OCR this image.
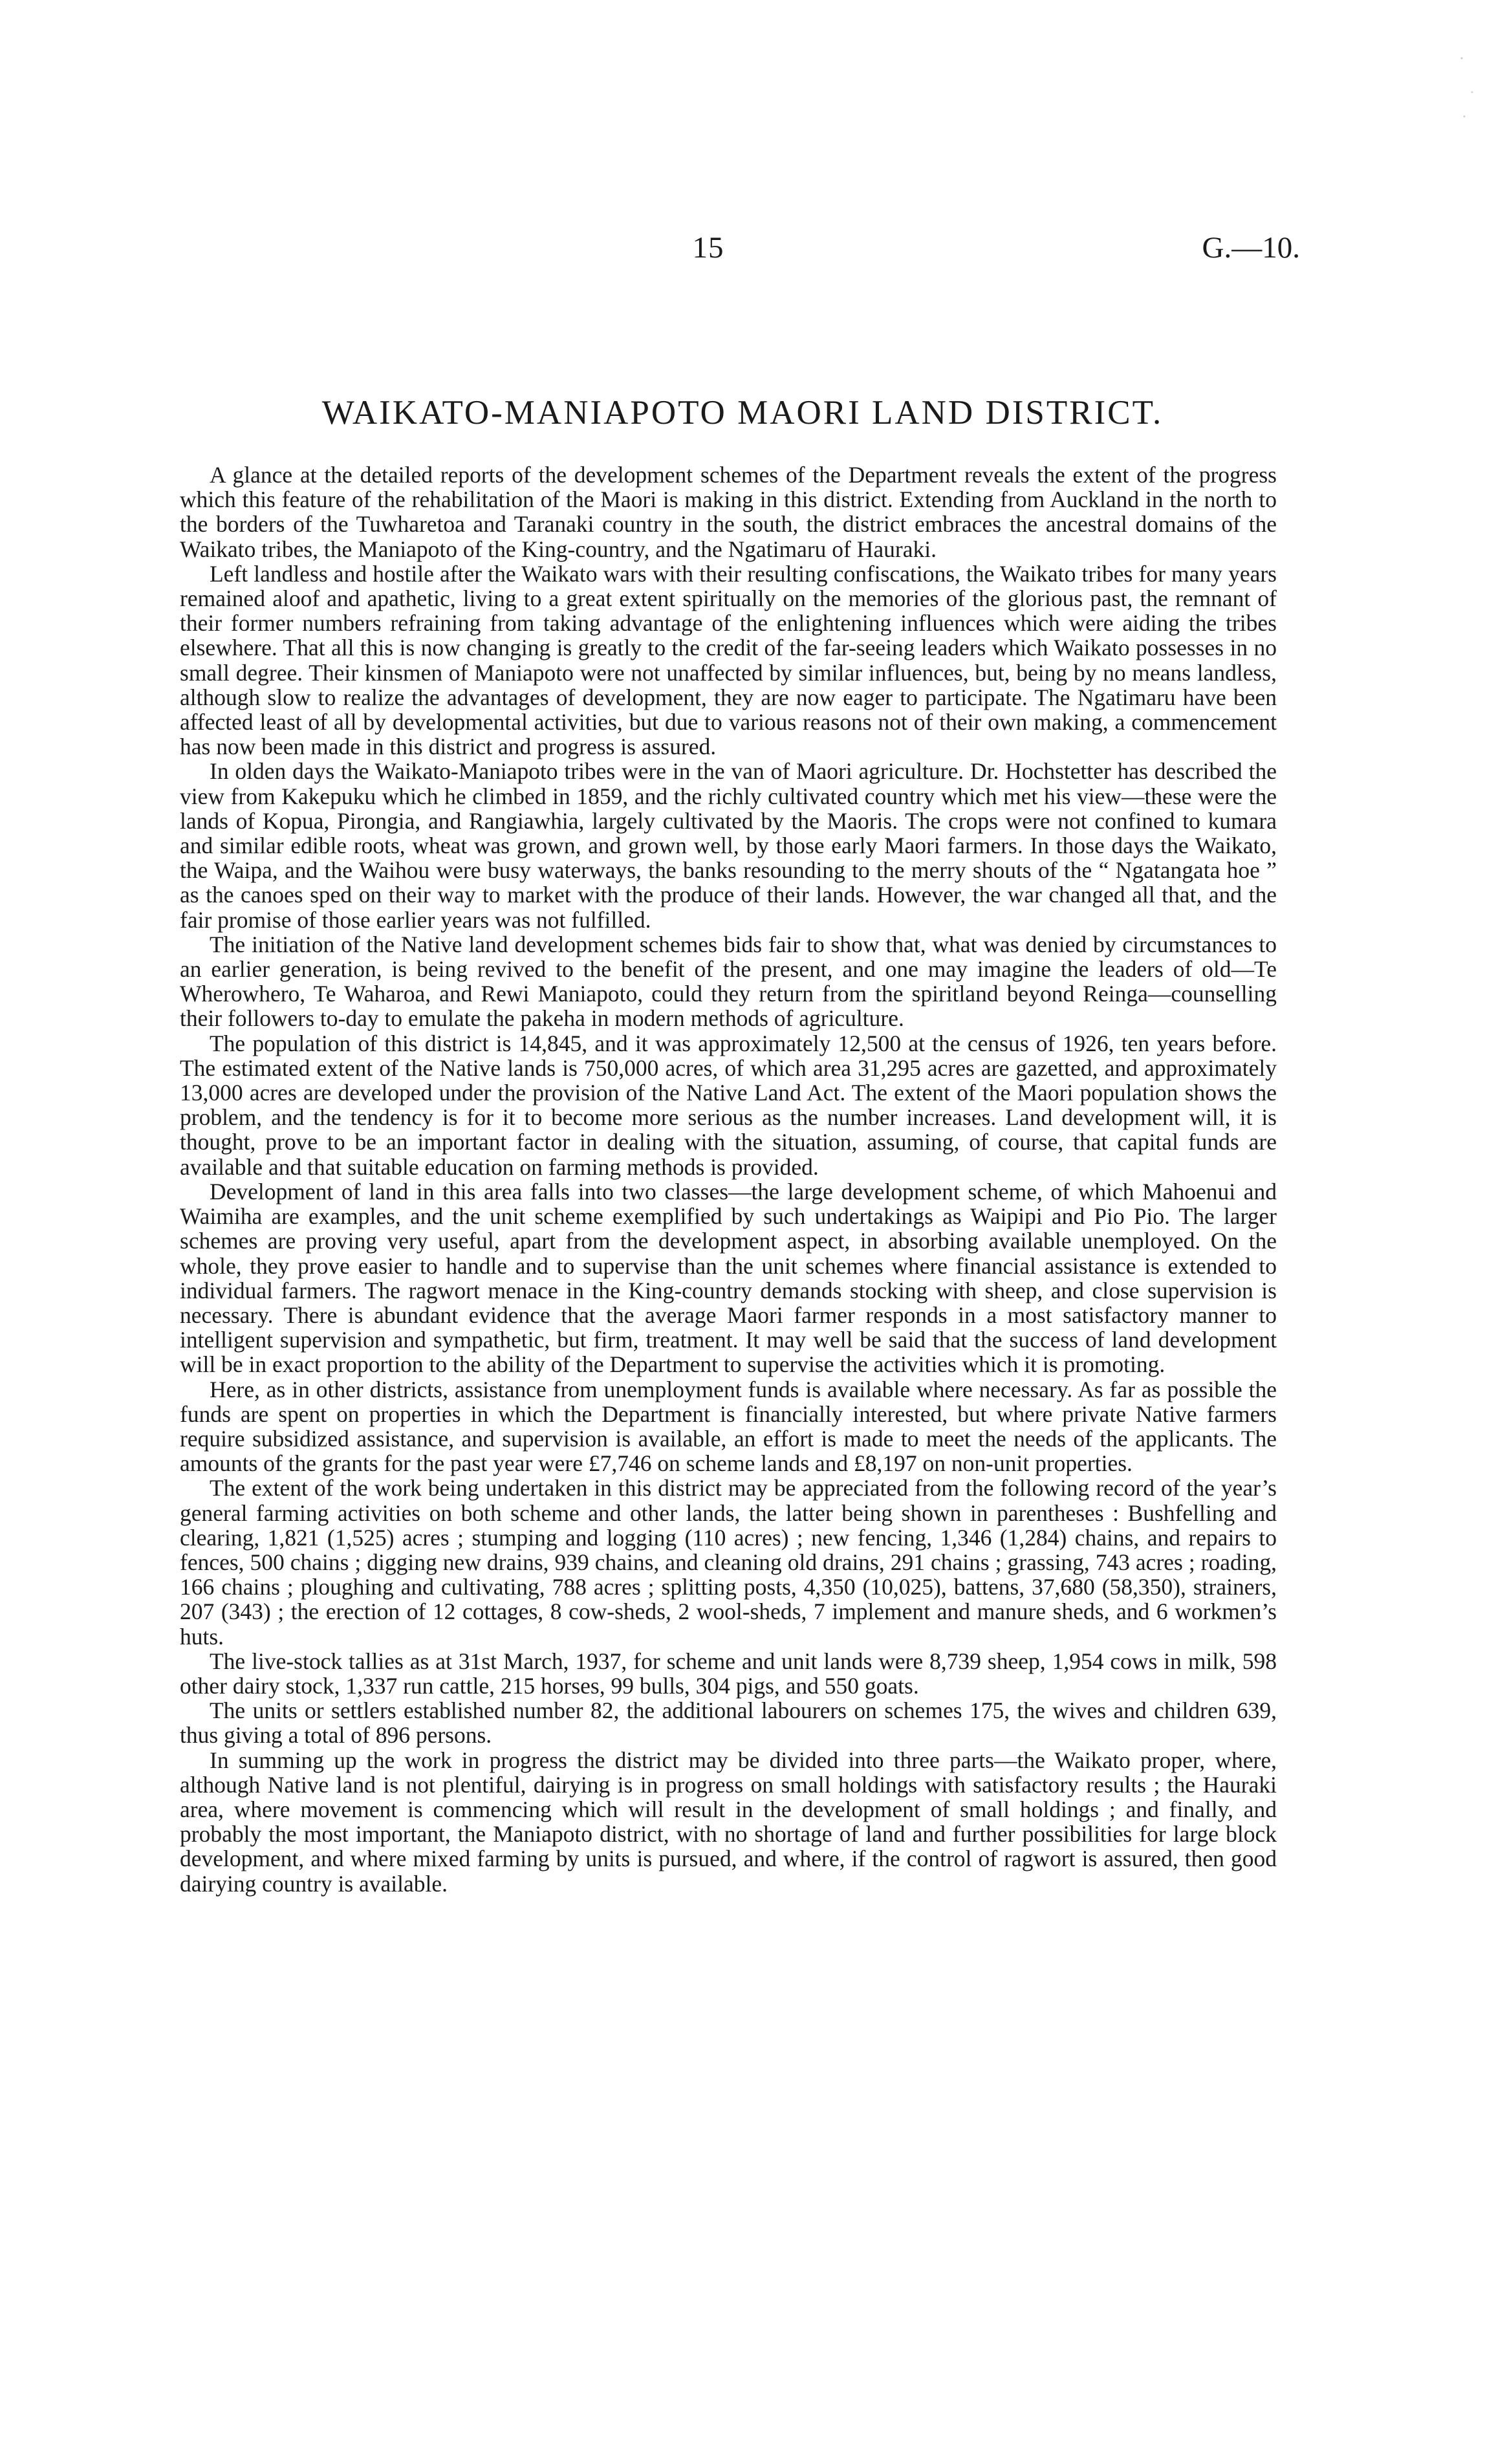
15	G.—10.
WAIKATO-MANIAPOTO MAORI LAND DISTRICT.

A glance at the detailed reports of the development schemes of the Department reveals the extent of the progress which this feature of the rehabilitation of the Maori is making in this district. Extending from Auckland in the north to the borders of the Tuwharetoa and Taranaki country in the south, the district embraces the ancestral domains of the Waikato tribes, the Maniapoto of the King-country, and the Ngatimaru of Hauraki.

Left landless and hostile after the Waikato wars with their resulting confiscations, the Waikato tribes for many years remained aloof and apathetic, living to a great extent spiritually on the memories of the glorious past, the remnant of their former numbers refraining from taking advantage of the enlightening influences which were aiding the tribes elsewhere. That all this is now changing is greatly to the credit of the far-seeing leaders which Waikato possesses in no small degree. Their kinsmen of Maniapoto were not unaffected by similar influences, but, being by no means landless, although slow to realize the advantages of development, they are now eager to participate. The Ngatimaru have been affected least of all by developmental activities, but due to various reasons not of their own making, a commencement has now been made in this district and progress is assured.

In olden days the Waikato-Maniapoto tribes were in the van of Maori agriculture. Dr. Hochstetter has described the view from Kakepuku which he climbed in 1859, and the richly cultivated country which met his view—these were the lands of Kopua, Pirongia, and Rangiawhia, largely cultivated by the Maoris. The crops were not confined to kumara and similar edible roots, wheat was grown, and grown well, by those early Maori farmers. In those days the Waikato, the Waipa, and the Waihou were busy waterways, the banks resounding to the merry shouts of the “ Ngatangata hoe ” as the canoes sped on their way to market with the produce of their lands. However, the war changed all that, and the fair promise of those earlier years was not fulfilled.

The initiation of the Native land development schemes bids fair to show that, what was denied by circumstances to an earlier generation, is being revived to the benefit of the present, and one may imagine the leaders of old—Te Wherowhero, Te Waharoa, and Rewi Maniapoto, could they return from the spiritland beyond Reinga—counselling their followers to-day to emulate the pakeha in modern methods of agriculture.

The population of this district is 14,845, and it was approximately 12,500 at the census of 1926, ten years before. The estimated extent of the Native lands is 750,000 acres, of which area 31,295 acres are gazetted, and approximately 13,000 acres are developed under the provision of the Native Land Act. The extent of the Maori population shows the problem, and the tendency is for it to become more serious as the number increases. Land development will, it is thought, prove to be an important factor in dealing with the situation, assuming, of course, that capital funds are available and that suitable education on farming methods is provided.

Development of land in this area falls into two classes—the large development scheme, of which Mahoenui and Waimiha are examples, and the unit scheme exemplified by such undertakings as Waipipi and Pio Pio. The larger schemes are proving very useful, apart from the development aspect, in absorbing available unemployed. On the whole, they prove easier to handle and to supervise than the unit schemes where financial assistance is extended to individual farmers. The ragwort menace in the King-country demands stocking with sheep, and close supervision is necessary. There is abundant evidence that the average Maori farmer responds in a most satisfactory manner to intelligent supervision and sympathetic, but firm, treatment. It may well be said that the success of land development will be in exact proportion to the ability of the Department to supervise the activities which it is promoting.

Here, as in other districts, assistance from unemployment funds is available where necessary. As far as possible the funds are spent on properties in which the Department is financially interested, but where private Native farmers require subsidized assistance, and supervision is available, an effort is made to meet the needs of the applicants. The amounts of the grants for the past year were £7,746 on scheme lands and £8,197 on non-unit properties.

The extent of the work being undertaken in this district may be appreciated from the following record of the year’s general farming activities on both scheme and other lands, the latter being shown in parentheses : Bushfelling and clearing, 1,821 (1,525) acres ; stumping and logging (110 acres) ; new fencing, 1,346 (1,284) chains, and repairs to fences, 500 chains ; digging new drains, 939 chains, and cleaning old drains, 291 chains ; grassing, 743 acres ; roading, 166 chains ; ploughing and cultivating, 788 acres ; splitting posts, 4,350 (10,025), battens, 37,680 (58,350), strainers, 207 (343) ; the erection of 12 cottages, 8 cow-sheds, 2 wool-sheds, 7 implement and manure sheds, and 6 workmen’s huts.

The live-stock tallies as at 31st March, 1937, for scheme and unit lands were 8,739 sheep, 1,954 cows in milk, 598 other dairy stock, 1,337 run cattle, 215 horses, 99 bulls, 304 pigs, and 550 goats.

The units or settlers established number 82, the additional labourers on schemes 175, the wives and children 639, thus giving a total of 896 persons.

In summing up the work in progress the district may be divided into three parts—the Waikato proper, where, although Native land is not plentiful, dairying is in progress on small holdings with satisfactory results ; the Hauraki area, where movement is commencing which will result in the development of small holdings ; and finally, and probably the most important, the Maniapoto district, with no shortage of land and further possibilities for large block development, and where mixed farming by units is pursued, and where, if the control of ragwort is assured, then good dairying country is available.
